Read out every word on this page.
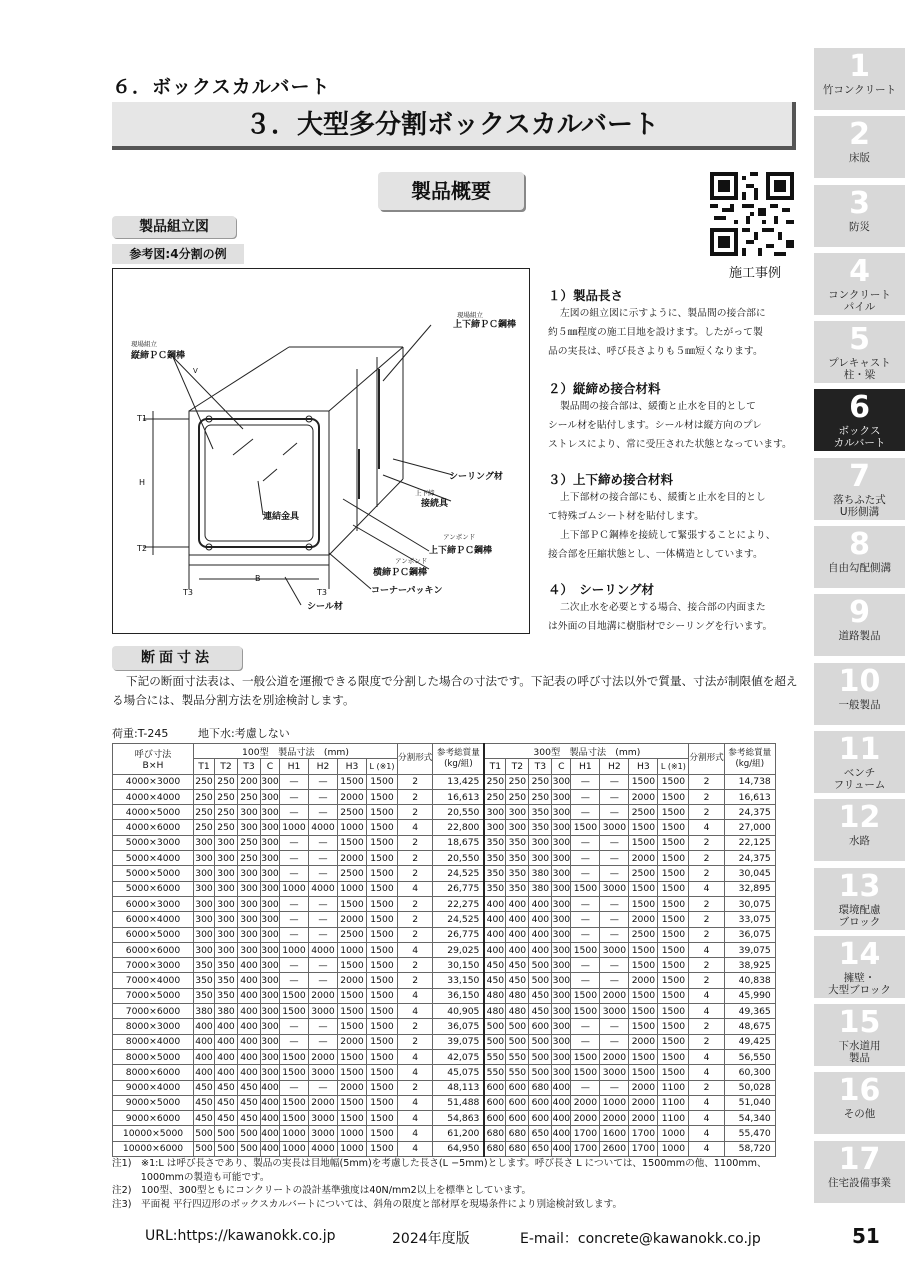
６．ボックスカルバート
３．大型多分割ボックスカルバート
製品概要
施工事例
製品組立図
参考図:4分割の例
現場組立
縦締ＰＣ鋼棒
現場組立
上下締ＰＣ鋼棒
シーリング材
上下締
接続具
連結金具
アンボンド
上下締ＰＣ鋼棒
アンボンド
横締ＰＣ鋼棒
コーナーパッキン
シール材
T1
H
T2
B
T3	T3
V
１）製品長さ
左図の組立図に示すように、製品間の接合部に
約５㎜程度の施工目地を設けます。したがって製
品の実長は、呼び長さよりも５㎜短くなります。
２）縦締め接合材料
製品間の接合部は、緩衝と止水を目的として
シール材を貼付します。シール材は縦方向のプレ
ストレスにより、常に受圧された状態となっています。
３）上下締め接合材料
上下部材の接合部にも、緩衝と止水を目的とし
て特殊ゴムシート材を貼付します。
上下部ＰＣ鋼棒を接続して緊張することにより、
接合部を圧縮状態とし、一体構造としています。
４）　シーリング材
二次止水を必要とする場合、接合部の内面また
は外面の目地溝に樹脂材でシーリングを行います。
断面寸法
下記の断面寸法表は、一般公道を運搬できる限度で分割した場合の寸法です。下記表の呼び寸法以外で質量、寸法が制限値を超える場合には、製品分割方法を別途検討します。
荷重:T-245	地下水:考慮しない
呼び寸法
B×H	100型　製品寸法　(mm)								分割形式	参考総質量(kg/組)	300型　製品寸法　(mm)								分割形式	参考総質量(kg/組)
	T1	T2	T3	C	H1	H2	H3	L (※1)			T1	T2	T3	C	H1	H2	H3	L (※1)		
4000×3000	250	250	200	300	—	—	1500	1500	2	13,425	250	250	250	300	—	—	1500	1500	2	14,738
4000×4000	250	250	250	300	—	—	2000	1500	2	16,613	250	250	250	300	—	—	2000	1500	2	16,613
4000×5000	250	250	300	300	—	—	2500	1500	2	20,550	300	300	350	300	—	—	2500	1500	2	24,375
4000×6000	250	250	300	300	1000	4000	1000	1500	4	22,800	300	300	350	300	1500	3000	1500	1500	4	27,000
5000×3000	300	300	250	300	—	—	1500	1500	2	18,675	350	350	300	300	—	—	1500	1500	2	22,125
5000×4000	300	300	250	300	—	—	2000	1500	2	20,550	350	350	300	300	—	—	2000	1500	2	24,375
5000×5000	300	300	300	300	—	—	2500	1500	2	24,525	350	350	380	300	—	—	2500	1500	2	30,045
5000×6000	300	300	300	300	1000	4000	1000	1500	4	26,775	350	350	380	300	1500	3000	1500	1500	4	32,895
6000×3000	300	300	300	300	—	—	1500	1500	2	22,275	400	400	400	300	—	—	1500	1500	2	30,075
6000×4000	300	300	300	300	—	—	2000	1500	2	24,525	400	400	400	300	—	—	2000	1500	2	33,075
6000×5000	300	300	300	300	—	—	2500	1500	2	26,775	400	400	400	300	—	—	2500	1500	2	36,075
6000×6000	300	300	300	300	1000	4000	1000	1500	4	29,025	400	400	400	300	1500	3000	1500	1500	4	39,075
7000×3000	350	350	400	300	—	—	1500	1500	2	30,150	450	450	500	300	—	—	1500	1500	2	38,925
7000×4000	350	350	400	300	—	—	2000	1500	2	33,150	450	450	500	300	—	—	2000	1500	2	40,838
7000×5000	350	350	400	300	1500	2000	1500	1500	4	36,150	480	480	450	300	1500	2000	1500	1500	4	45,990
7000×6000	380	380	400	300	1500	3000	1500	1500	4	40,905	480	480	450	300	1500	3000	1500	1500	4	49,365
8000×3000	400	400	400	300	—	—	1500	1500	2	36,075	500	500	600	300	—	—	1500	1500	2	48,675
8000×4000	400	400	400	300	—	—	2000	1500	2	39,075	500	500	500	300	—	—	2000	1500	2	49,425
8000×5000	400	400	400	300	1500	2000	1500	1500	4	42,075	550	550	500	300	1500	2000	1500	1500	4	56,550
8000×6000	400	400	400	300	1500	3000	1500	1500	4	45,075	550	550	500	300	1500	3000	1500	1500	4	60,300
9000×4000	450	450	450	400	—	—	2000	1500	2	48,113	600	600	680	400	—	—	2000	1100	2	50,028
9000×5000	450	450	450	400	1500	2000	1500	1500	4	51,488	600	600	600	400	2000	1000	2000	1100	4	51,040
9000×6000	450	450	450	400	1500	3000	1500	1500	4	54,863	600	600	600	400	2000	2000	2000	1100	4	54,340
10000×5000	500	500	500	400	1000	3000	1000	1500	4	61,200	680	680	650	400	1700	1600	1700	1000	4	55,470
10000×6000	500	500	500	400	1000	4000	1000	1500	4	64,950	680	680	650	400	1700	2600	1700	1000	4	58,720
注1)　※1:L は呼び長さであり、製品の実長は目地幅(5mm)を考慮した長さ(L −5mm)とします。呼び長さ L については、1500mmの他、1100mm、
　　　1000mmの製造も可能です。
注2)　100型、300型ともにコンクリートの設計基準強度は40N/mm2以上を標準としています。
注3)　平面視 平行四辺形のボックスカルバートについては、斜角の限度と部材厚を現場条件により別途検討致します。
URL:https://kawanokk.co.jp	2024年度版	E-mail：concrete@kawanokk.co.jp	51
1
竹コンクリート
2
床版
3
防災
4
コンクリート
パイル
5
プレキャスト
柱・梁
6
ボックス
カルバート
7
落ちふた式
U形側溝
8
自由勾配側溝
9
道路製品
10
一般製品
11
ベンチ
フリューム
12
水路
13
環境配慮
ブロック
14
擁壁・
大型ブロック
15
下水道用
製品
16
その他
17
住宅設備事業
